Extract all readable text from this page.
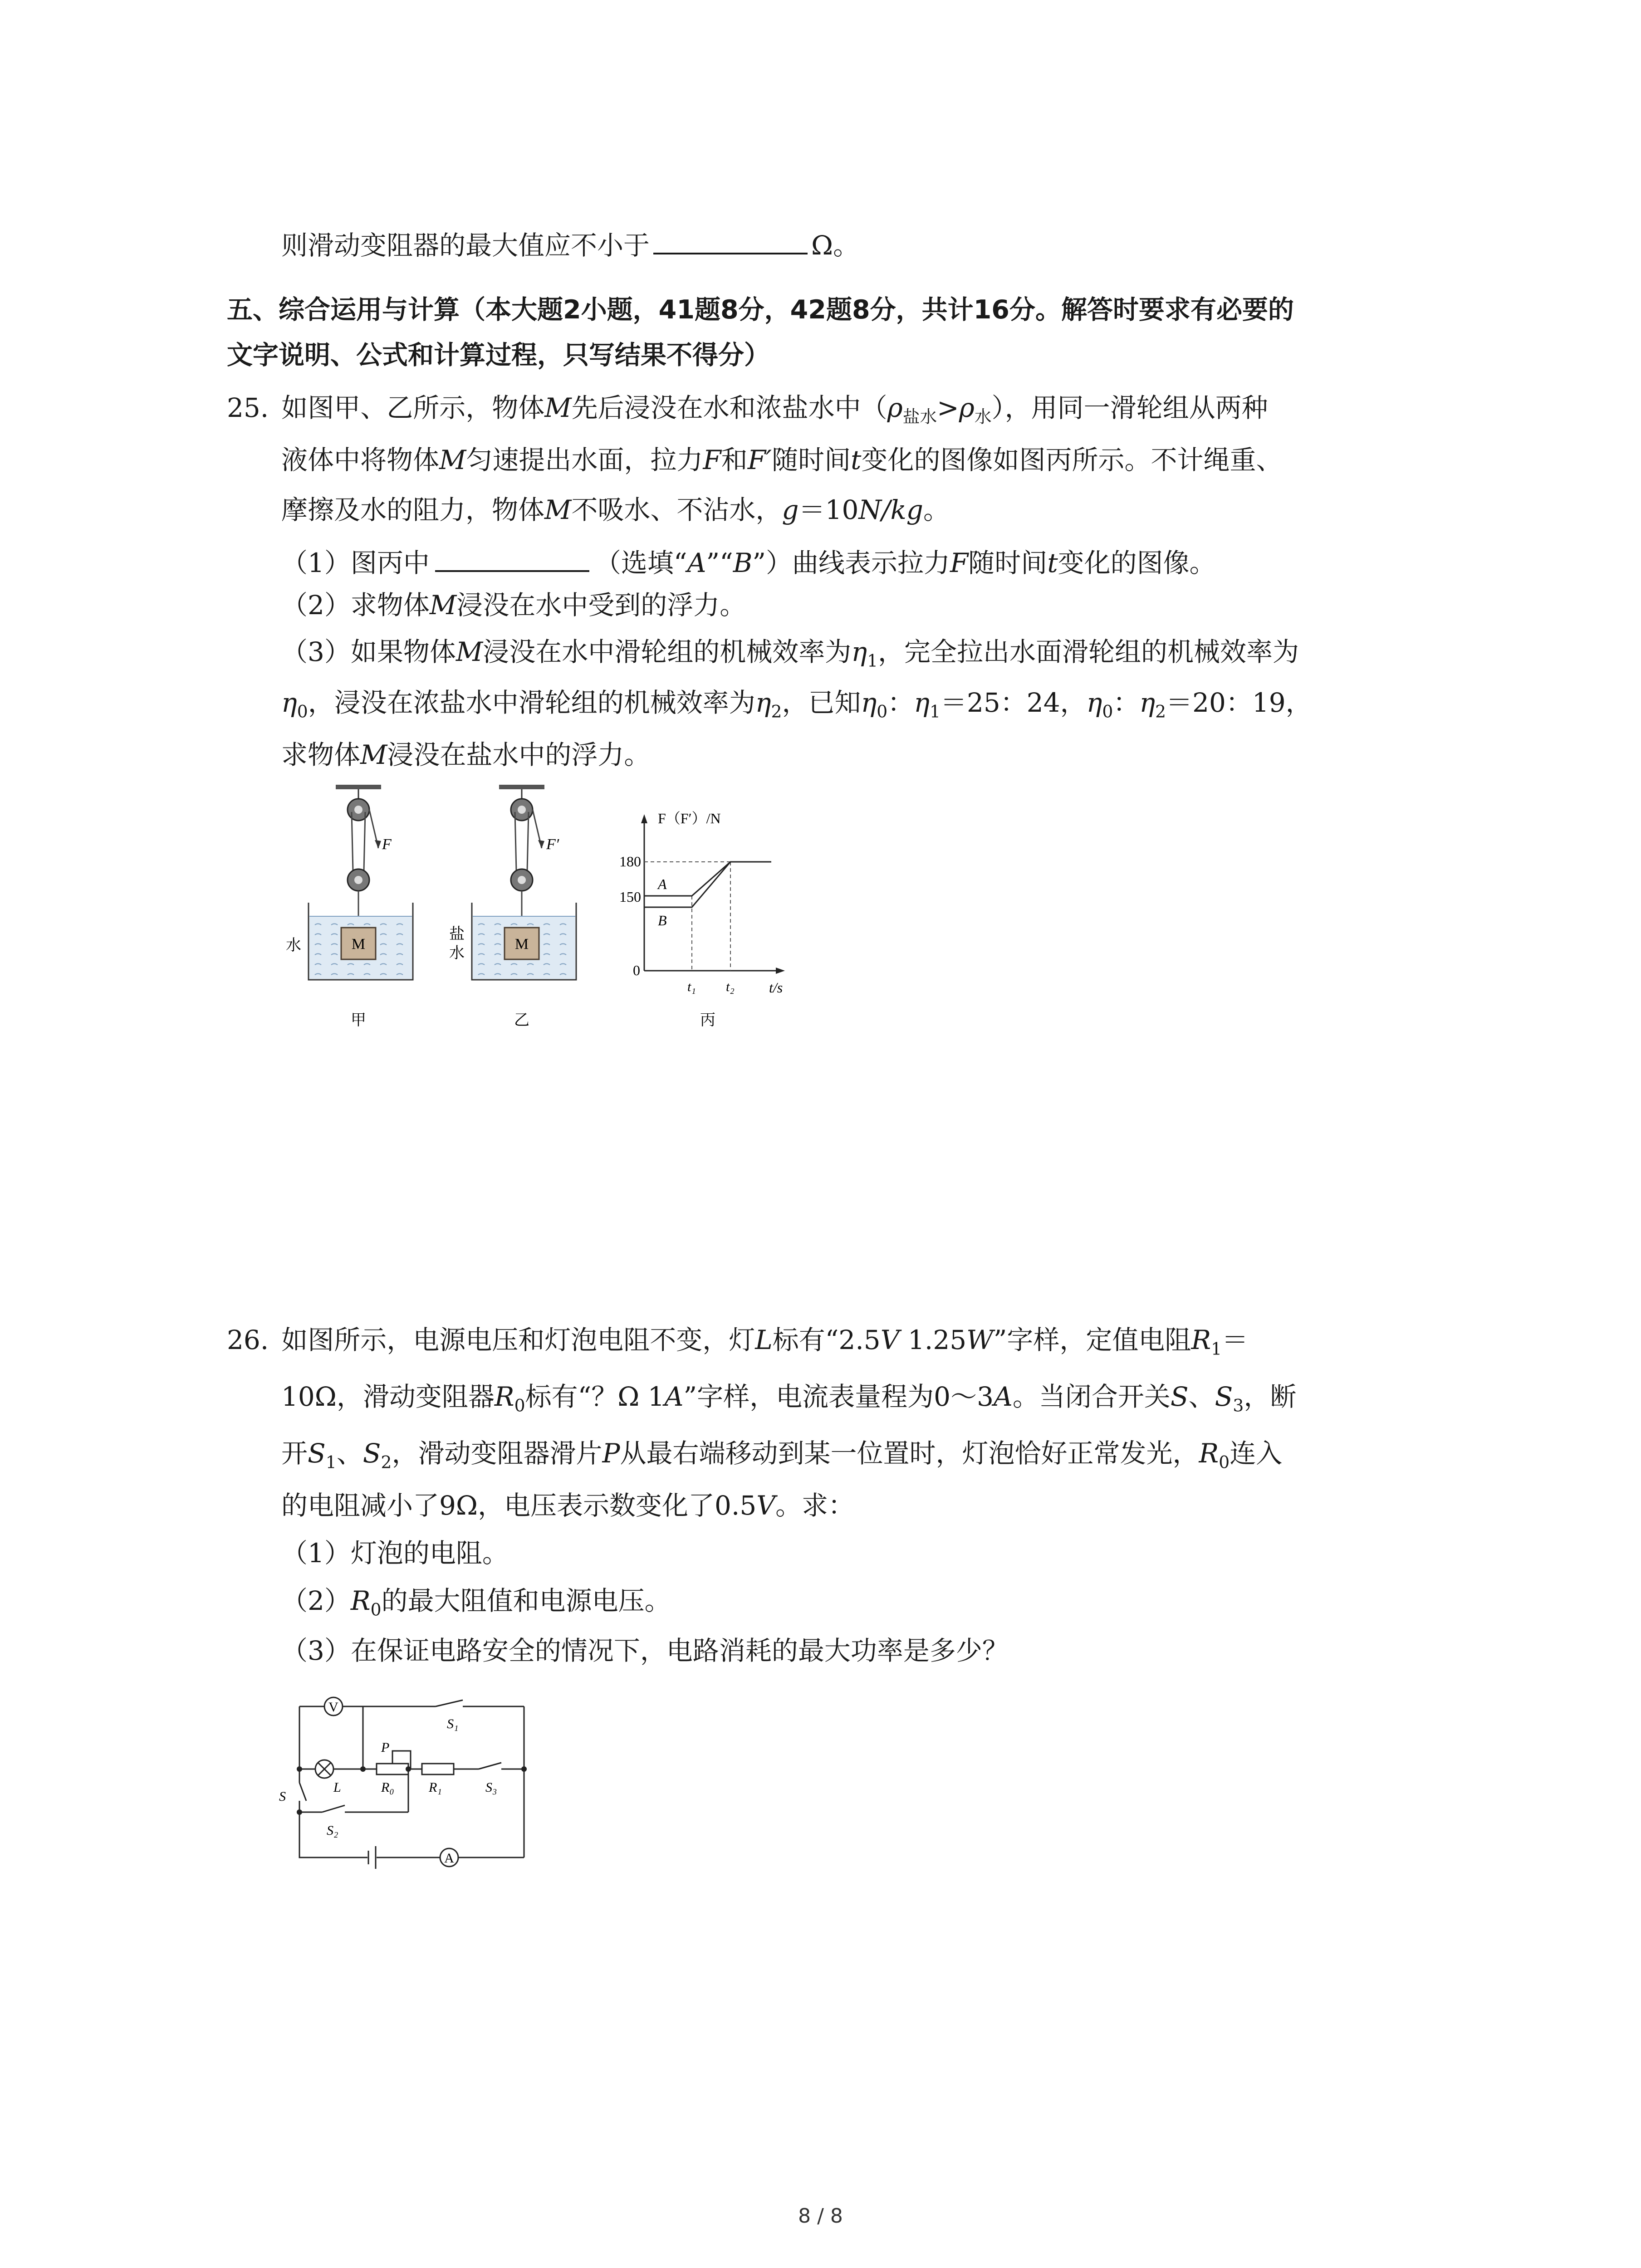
则滑动变阻器的最大值应不小于	Ω。
五、综合运用与计算（本大题2小题，41题8分，42题8分，共计16分。解答时要求有必要的
文字说明、公式和计算过程，只写结果不得分）
25. 如图甲、乙所示，物体M先后浸没在水和浓盐水中$(\rho_{盐水}>\rho_水)$，用同一滑轮组从两种
液体中将物体M匀速提出水面，拉力F和F′随时间t变化的图像如图丙所示。不计绳重、
摩擦及水的阻力，物体M不吸水、不沾水，g＝10N/kg。
（1）图丙中	（选填“A”“B”）曲线表示拉力F随时间t变化的图像。
（2）求物体M浸没在水中受到的浮力。
（3）如果物体M浸没在水中滑轮组的机械效率为$\eta_1$，完全拉出水面滑轮组的机械效率为
$\eta_0$，浸没在浓盐水中滑轮组的机械效率为$\eta_2$，已知$\eta_0$：$\eta_1=25$：24，$\eta_0$：$\eta_2=20$：19，
求物体M浸没在盐水中的浮力。
F
M
水
甲
F′
M
盐
水
乙
F（F′）/N
180
150
0
A
B
t₁ t₂ t/s
丙
26. 如图所示，电源电压和灯泡电阻不变，灯L标有“2.5V 1.25W”字样，定值电阻$R_1=$
10Ω，滑动变阻器$R_0$标有“？Ω 1A”字样，电流表量程为0～3A。当闭合开关S、$S_3$，断
开$S_1$、$S_2$，滑动变阻器滑片P从最右端移动到某一位置时，灯泡恰好正常发光，$R_0$连入
的电阻减小了9Ω，电压表示数变化了0.5V。求：
（1）灯泡的电阻。
$(2)R_0$的最大阻值和电源电压。
（3）在保证电路安全的情况下，电路消耗的最大功率是多少？
V
A
S₁
P
R₀	R₁	S₃
L
S
S₂
8 / 8
